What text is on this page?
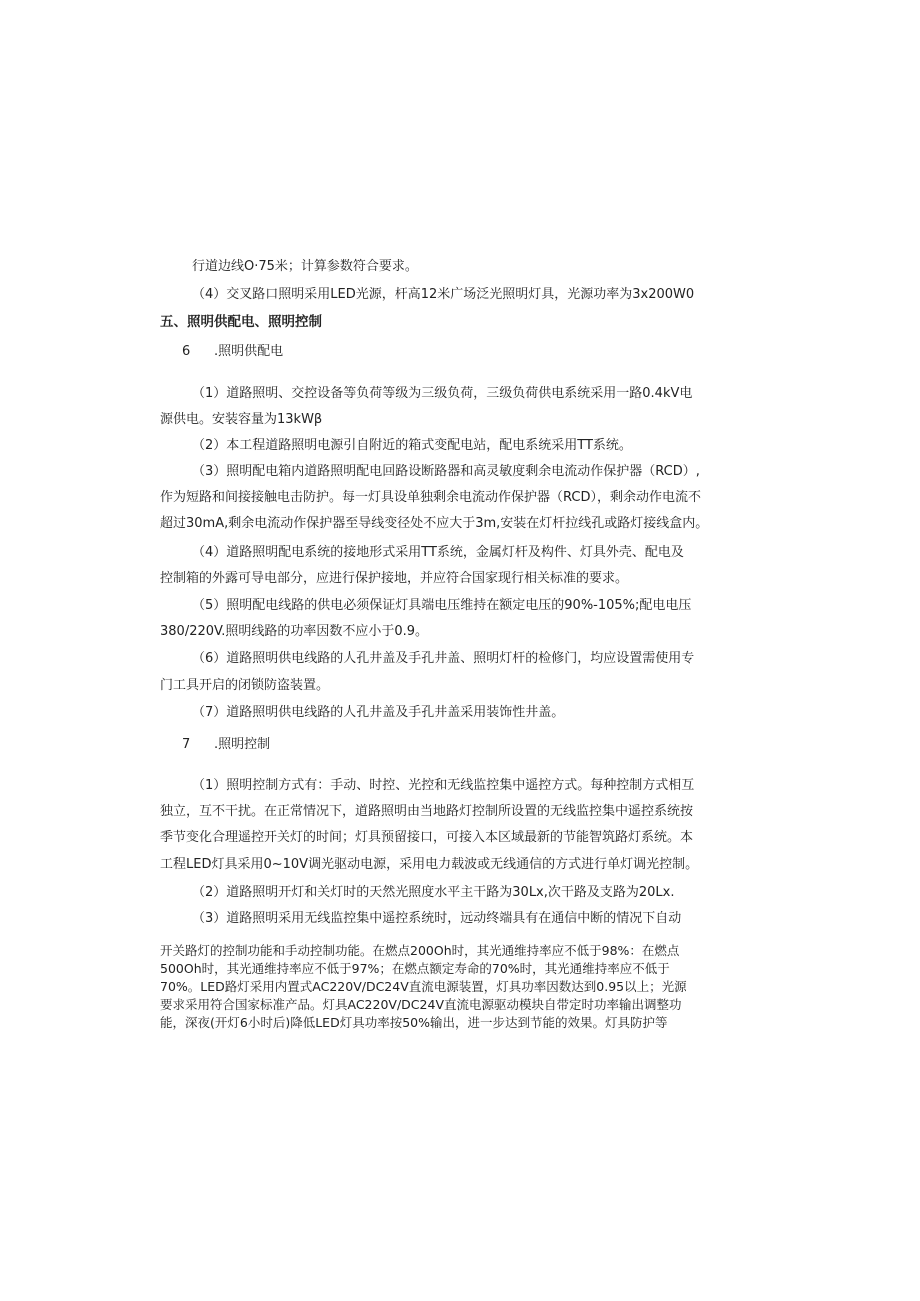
行道边线O·75米；计算参数符合要求。
（4）交叉路口照明采用LED光源，杆高12米广场泛光照明灯具，光源功率为3x200W0
五、照明供配电、照明控制
6 .照明供配电
（1）道路照明、交控设备等负荷等级为三级负荷，三级负荷供电系统采用一路0.4kV电
源供电。安装容量为13kWβ
（2）本工程道路照明电源引自附近的箱式变配电站，配电系统采用TT系统。
（3）照明配电箱内道路照明配电回路设断路器和高灵敏度剩余电流动作保护器（RCD）,
作为短路和间接接触电击防护。每一灯具设单独剩余电流动作保护器（RCD），剩余动作电流不
超过30mA,剩余电流动作保护器至导线变径处不应大于3m,安装在灯杆拉线孔或路灯接线盒内。
（4）道路照明配电系统的接地形式采用TT系统，金属灯杆及构件、灯具外壳、配电及
控制箱的外露可导电部分，应进行保护接地，并应符合国家现行相关标准的要求。
（5）照明配电线路的供电必须保证灯具端电压维持在额定电压的90%-105%;配电电压
380/220V.照明线路的功率因数不应小于0.9。
（6）道路照明供电线路的人孔井盖及手孔井盖、照明灯杆的检修门，均应设置需使用专
门工具开启的闭锁防盗装置。
（7）道路照明供电线路的人孔井盖及手孔井盖采用装饰性井盖。
7 .照明控制
（1）照明控制方式有：手动、时控、光控和无线监控集中遥控方式。每种控制方式相互
独立，互不干扰。在正常情况下，道路照明由当地路灯控制所设置的无线监控集中遥控系统按
季节变化合理遥控开关灯的时间；灯具预留接口，可接入本区域最新的节能智筑路灯系统。本
工程LED灯具采用0~10V调光驱动电源，采用电力载波或无线通信的方式进行单灯调光控制。
（2）道路照明开灯和关灯时的天然光照度水平主干路为30Lx,次干路及支路为20Lx.
（3）道路照明采用无线监控集中遥控系统时，远动终端具有在通信中断的情况下自动
开关路灯的控制功能和手动控制功能。在燃点200Oh时，其光通维持率应不低于98%：在燃点
500Oh时，其光通维持率应不低于97%；在燃点额定寿命的70%时，其光通维持率应不低于
70%。LED路灯采用内置式AC220V/DC24V直流电源装置，灯具功率因数达到0.95以上；光源
要求采用符合国家标准产品。灯具AC220V/DC24V直流电源驱动模块自带定时功率输出调整功
能，深夜(开灯6小时后)降低LED灯具功率按50%输出，进一步达到节能的效果。灯具防护等
